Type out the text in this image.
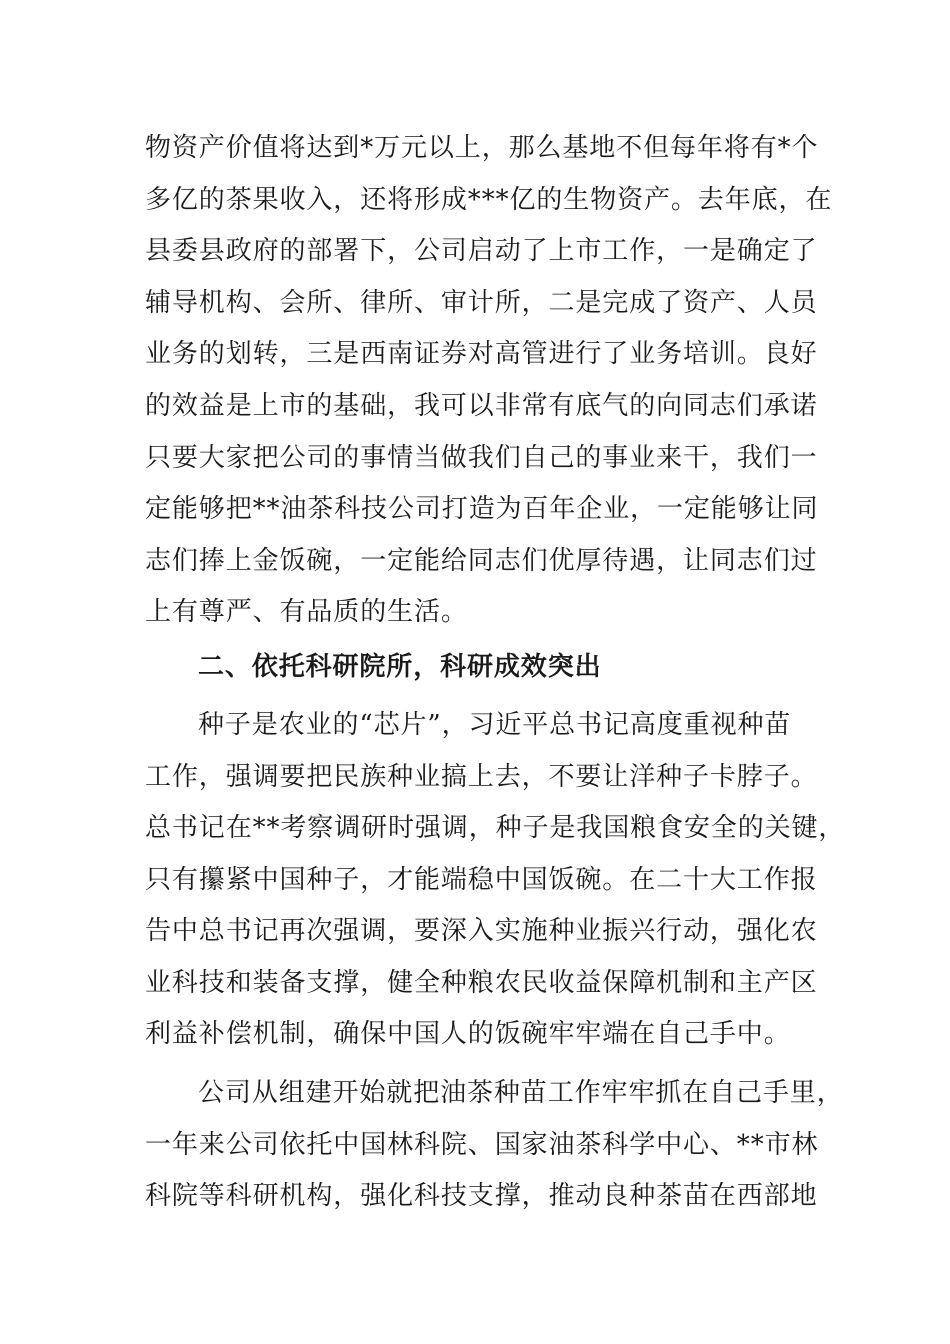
物资产价值将达到*万元以上，那么基地不但每年将有*个
多亿的茶果收入，还将形成***亿的生物资产。去年底，在
县委县政府的部署下，公司启动了上市工作，一是确定了
辅导机构、会所、律所、审计所，二是完成了资产、人员
业务的划转，三是西南证券对高管进行了业务培训。良好
的效益是上市的基础，我可以非常有底气的向同志们承诺
只要大家把公司的事情当做我们自己的事业来干，我们一
定能够把**油茶科技公司打造为百年企业，一定能够让同
志们捧上金饭碗，一定能给同志们优厚待遇，让同志们过
上有尊严、有品质的生活。
二、依托科研院所，科研成效突出
种子是农业的“芯片”，习近平总书记高度重视种苗
工作，强调要把民族种业搞上去，不要让洋种子卡脖子。
总书记在**考察调研时强调，种子是我国粮食安全的关键，
只有攥紧中国种子，才能端稳中国饭碗。在二十大工作报
告中总书记再次强调，要深入实施种业振兴行动，强化农
业科技和装备支撑，健全种粮农民收益保障机制和主产区
利益补偿机制，确保中国人的饭碗牢牢端在自己手中。
公司从组建开始就把油茶种苗工作牢牢抓在自己手里，
一年来公司依托中国林科院、国家油茶科学中心、**市林
科院等科研机构，强化科技支撑，推动良种茶苗在西部地
